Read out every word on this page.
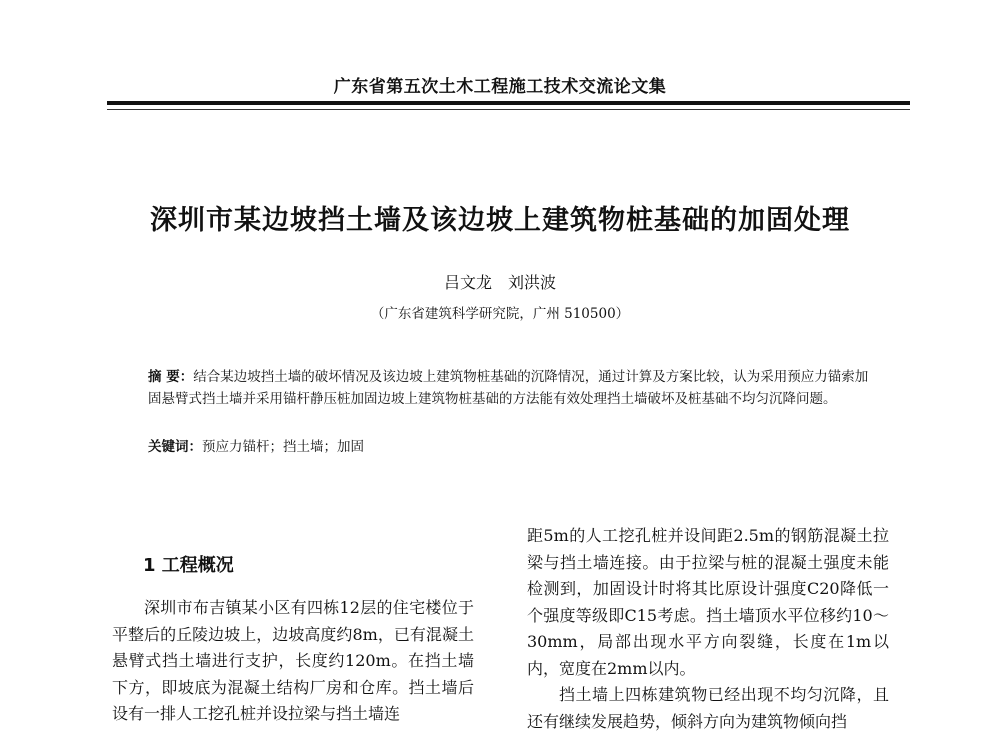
广东省第五次土木工程施工技术交流论文集
深圳市某边坡挡土墙及该边坡上建筑物桩基础的加固处理
吕文龙　刘洪波
（广东省建筑科学研究院，广州 510500）
摘 要：结合某边坡挡土墙的破坏情况及该边坡上建筑物桩基础的沉降情况，通过计算及方案比较，认为采用预应力锚索加固悬臂式挡土墙并采用锚杆静压桩加固边坡上建筑物桩基础的方法能有效处理挡土墙破坏及桩基础不均匀沉降问题。
关键词：预应力锚杆；挡土墙；加固
1 工程概况

深圳市布吉镇某小区有四栋12层的住宅楼位于平整后的丘陵边坡上，边坡高度约8m，已有混凝土悬臂式挡土墙进行支护，长度约120m。在挡土墙下方，即坡底为混凝土结构厂房和仓库。挡土墙后设有一排人工挖孔桩并设拉梁与挡土墙连

距5m的人工挖孔桩并设间距2.5m的钢筋混凝土拉梁与挡土墙连接。由于拉梁与桩的混凝土强度未能检测到，加固设计时将其比原设计强度C20降低一个强度等级即C15考虑。挡土墙顶水平位移约10～30mm，局部出现水平方向裂缝，长度在1m以内，宽度在2mm以内。

挡土墙上四栋建筑物已经出现不均匀沉降，且还有继续发展趋势，倾斜方向为建筑物倾向挡
